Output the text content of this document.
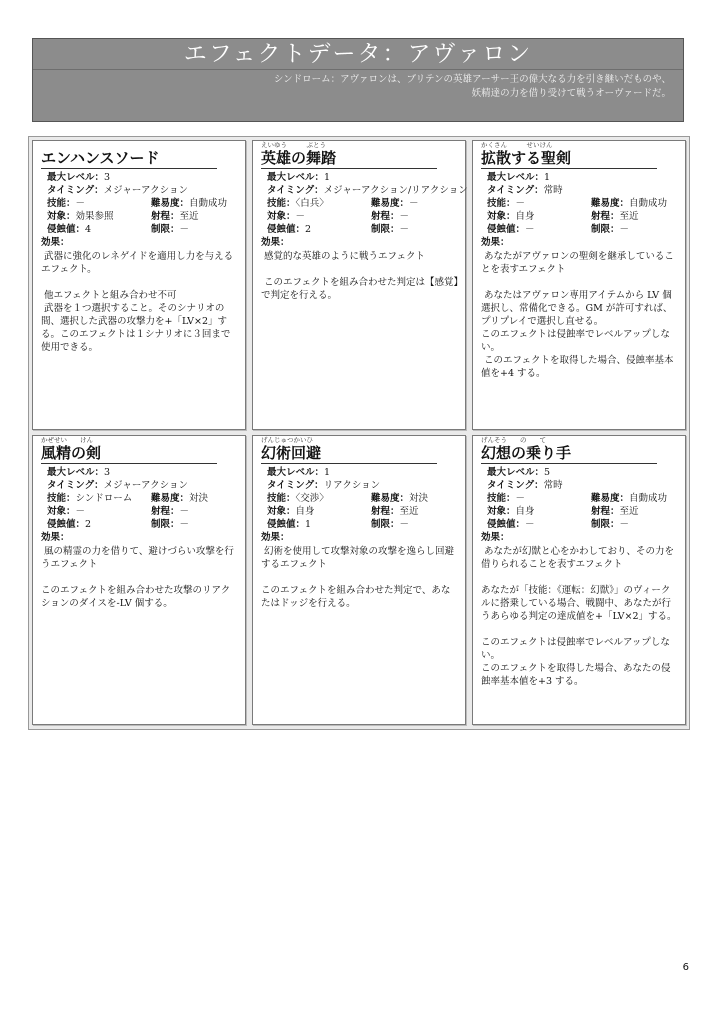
エフェクトデータ：アヴァロン
シンドローム：アヴァロンは、ブリテンの英雄アーサー王の偉大なる力を引き継いだものや、
妖精達の力を借り受けて戦うオーヴァードだ。
エンハンスソード
最大レベル： 3
タイミング： メジャーアクション
技能：－	難易度：自動成功
対象：効果参照	射程：至近
侵蝕値：4	制限：－
効果：
武器に強化のレネゲイドを適用し力を与えるエフェクト。

他エフェクトと組み合わせ不可
武器を１つ選択すること。そのシナリオの間、選択した武器の攻撃力を+「LV×2」する。このエフェクトは１シナリオに３回まで使用できる。
えいゆう　　　ぶとう
英雄の舞踏
最大レベル： 1
タイミング： メジャーアクション/リアクション
技能：〈白兵〉	難易度：－
対象：－	射程：－
侵蝕値：2	制限：－
効果：
感覚的な英雄のように戦うエフェクト

このエフェクトを組み合わせた判定は【感覚】で判定を行える。
かくさん　　　せいけん
拡散する聖剣
最大レベル： 1
タイミング： 常時
技能：－	難易度：自動成功
対象：自身	射程：至近
侵蝕値：－	制限：－
効果：
あなたがアヴァロンの聖剣を継承していることを表すエフェクト

あなたはアヴァロン専用アイテムから LV 個選択し、常備化できる。GM が許可すれば、プリプレイで選択し直せる。
このエフェクトは侵蝕率でレベルアップしない。
このエフェクトを取得した場合、侵蝕率基本値を+4 する。
かぜせい　　けん
風精の剣
最大レベル： 3
タイミング： メジャーアクション
技能：シンドローム	難易度：対決
対象：－	射程：－
侵蝕値：2	制限：－
効果：
風の精霊の力を借りて、避けづらい攻撃を行うエフェクト

このエフェクトを組み合わせた攻撃のリアクションのダイスを-LV 個する。
げんじゅつかいひ
幻術回避
最大レベル： 1
タイミング： リアクション
技能：〈交渉〉	難易度：対決
対象：自身	射程：至近
侵蝕値：1	制限：－
効果：
幻術を使用して攻撃対象の攻撃を逸らし回避するエフェクト

このエフェクトを組み合わせた判定で、あなたはドッジを行える。
げんそう　　の　　て
幻想の乗り手
最大レベル： 5
タイミング： 常時
技能：－	難易度：自動成功
対象：自身	射程：至近
侵蝕値：－	制限：－
効果：
あなたが幻獣と心をかわしており、その力を借りられることを表すエフェクト

あなたが「技能：《運転：幻獣》」のヴィークルに搭乗している場合、戦闘中、あなたが行うあらゆる判定の達成値を+「LV×2」する。

このエフェクトは侵蝕率でレベルアップしない。
このエフェクトを取得した場合、あなたの侵蝕率基本値を+3 する。
6
